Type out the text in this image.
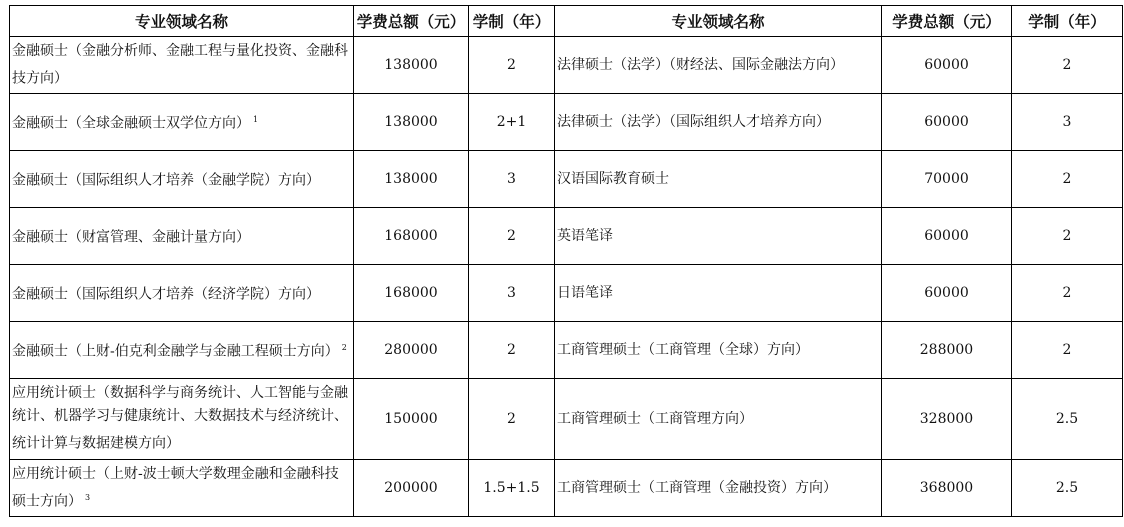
专业领域名称	学费总额（元）	学制（年）	专业领域名称	学费总额（元）	学制（年）
金融硕士（金融分析师、金融工程与量化投资、金融科技方向）	138000	2	法律硕士（法学）（财经法、国际金融法方向）	60000	2
金融硕士（全球金融硕士双学位方向） $^1$	138000	2+1	法律硕士（法学）（国际组织人才培养方向）	60000	3
金融硕士（国际组织人才培养（金融学院）方向）	138000	3	汉语国际教育硕士	70000	2
金融硕士（财富管理、金融计量方向）	168000	2	英语笔译	60000	2
金融硕士（国际组织人才培养（经济学院）方向）	168000	3	日语笔译	60000	2
金融硕士（上财-伯克利金融学与金融工程硕士方向） $^2$	280000	2	工商管理硕士（工商管理（全球）方向）	288000	2
应用统计硕士（数据科学与商务统计、人工智能与金融统计、机器学习与健康统计、大数据技术与经济统计、统计计算与数据建模方向）	150000	2	工商管理硕士（工商管理方向）	328000	2.5
应用统计硕士（上财-波士顿大学数理金融和金融科技硕士方向） $^3$	200000	1.5+1.5	工商管理硕士（工商管理（金融投资）方向）	368000	2.5
